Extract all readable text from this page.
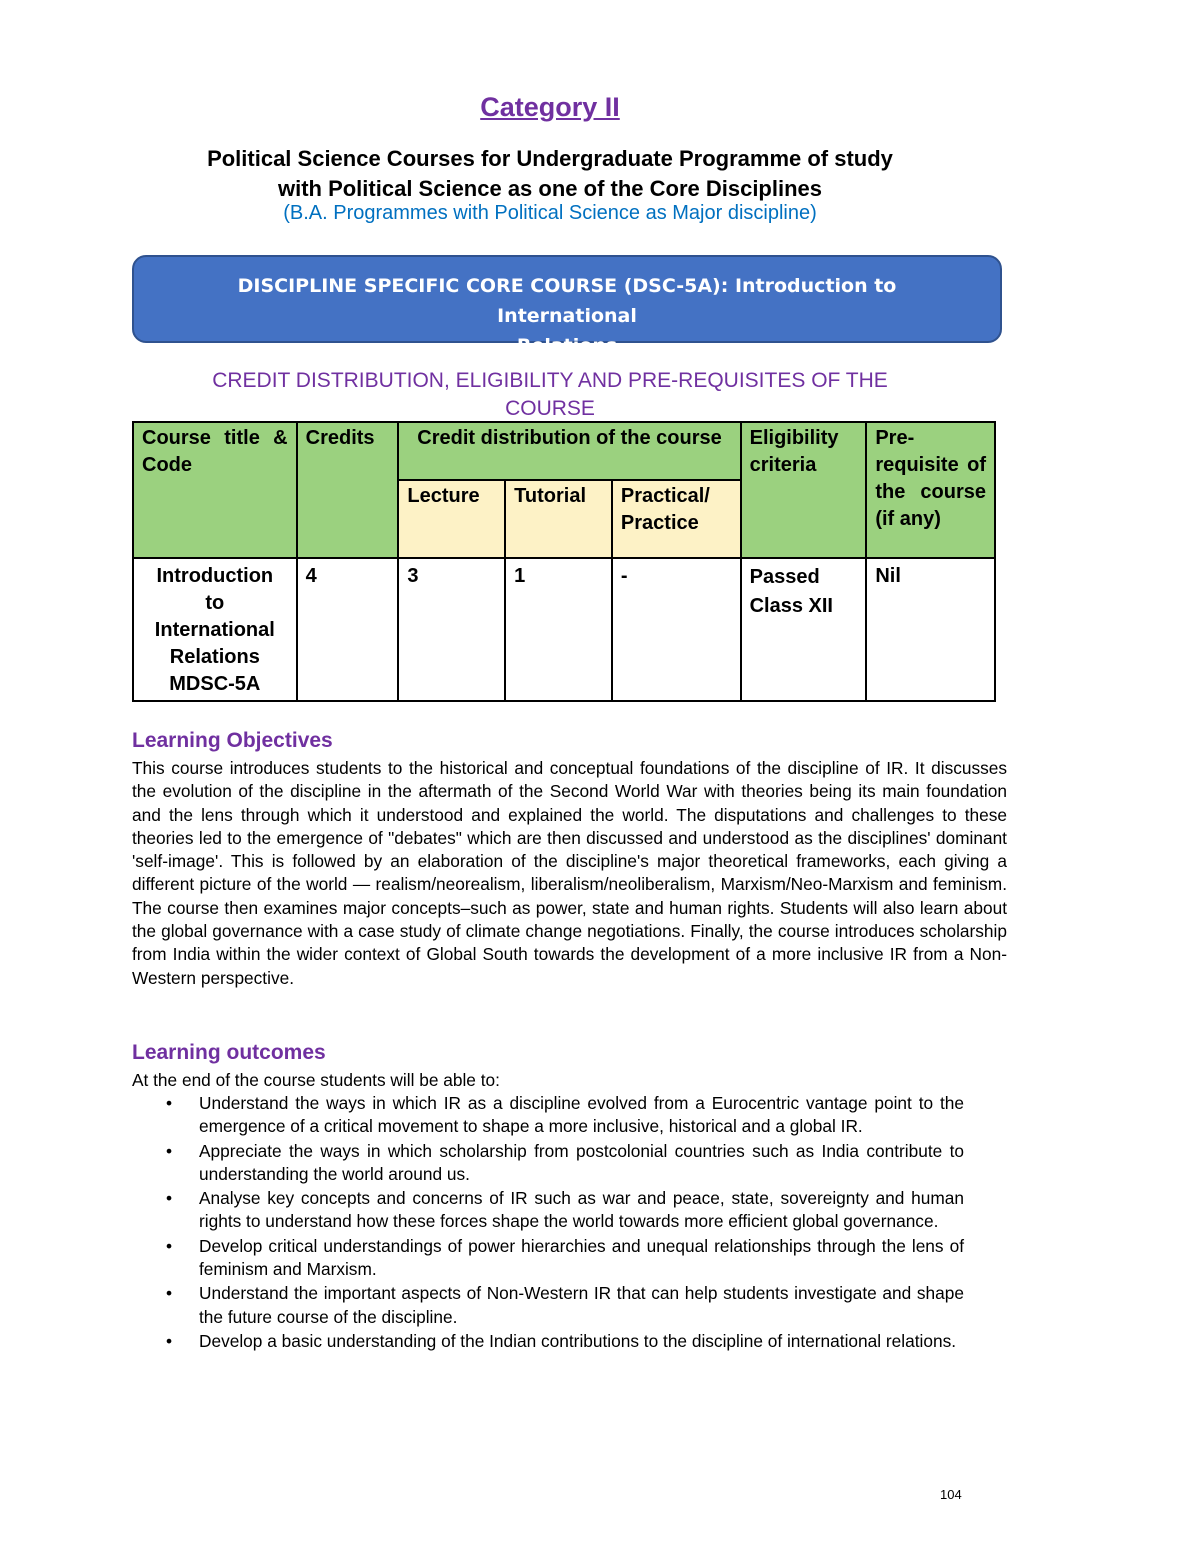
Category II
Political Science Courses for Undergraduate Programme of study
with Political Science as one of the Core Disciplines
(B.A. Programmes with Political Science as Major discipline)
DISCIPLINE SPECIFIC CORE COURSE (DSC-5A): Introduction to International
Relations
CREDIT DISTRIBUTION, ELIGIBILITY AND PRE-REQUISITES OF THE
COURSE
Course title & Code	Credits	Credit distribution of the course			Eligibility criteria	Pre-requisite of the course (if any)
		Lecture	Tutorial	Practical/ Practice		

Introduction
to
International
Relations
MDSC-5A	4	3	1	-	Passed Class XII	Nil
Learning Objectives
This course introduces students to the historical and conceptual foundations of the discipline of IR. It discusses the evolution of the discipline in the aftermath of the Second World War with theories being its main foundation and the lens through which it understood and explained the world. The disputations and challenges to these theories led to the emergence of "debates" which are then discussed and understood as the disciplines' dominant 'self-image'. This is followed by an elaboration of the discipline's major theoretical frameworks, each giving a different picture of the world — realism/neorealism, liberalism/neoliberalism, Marxism/Neo-Marxism and feminism. The course then examines major concepts–such as power, state and human rights. Students will also learn about the global governance with a case study of climate change negotiations. Finally, the course introduces scholarship from India within the wider context of Global South towards the development of a more inclusive IR from a Non-Western perspective.
Learning outcomes
At the end of the course students will be able to:
• Understand the ways in which IR as a discipline evolved from a Eurocentric vantage point to the emergence of a critical movement to shape a more inclusive, historical and a global IR.
• Appreciate the ways in which scholarship from postcolonial countries such as India contribute to understanding the world around us.
• Analyse key concepts and concerns of IR such as war and peace, state, sovereignty and human rights to understand how these forces shape the world towards more efficient global governance.
• Develop critical understandings of power hierarchies and unequal relationships through the lens of feminism and Marxism.
• Understand the important aspects of Non-Western IR that can help students investigate and shape the future course of the discipline.
• Develop a basic understanding of the Indian contributions to the discipline of international relations.
104
